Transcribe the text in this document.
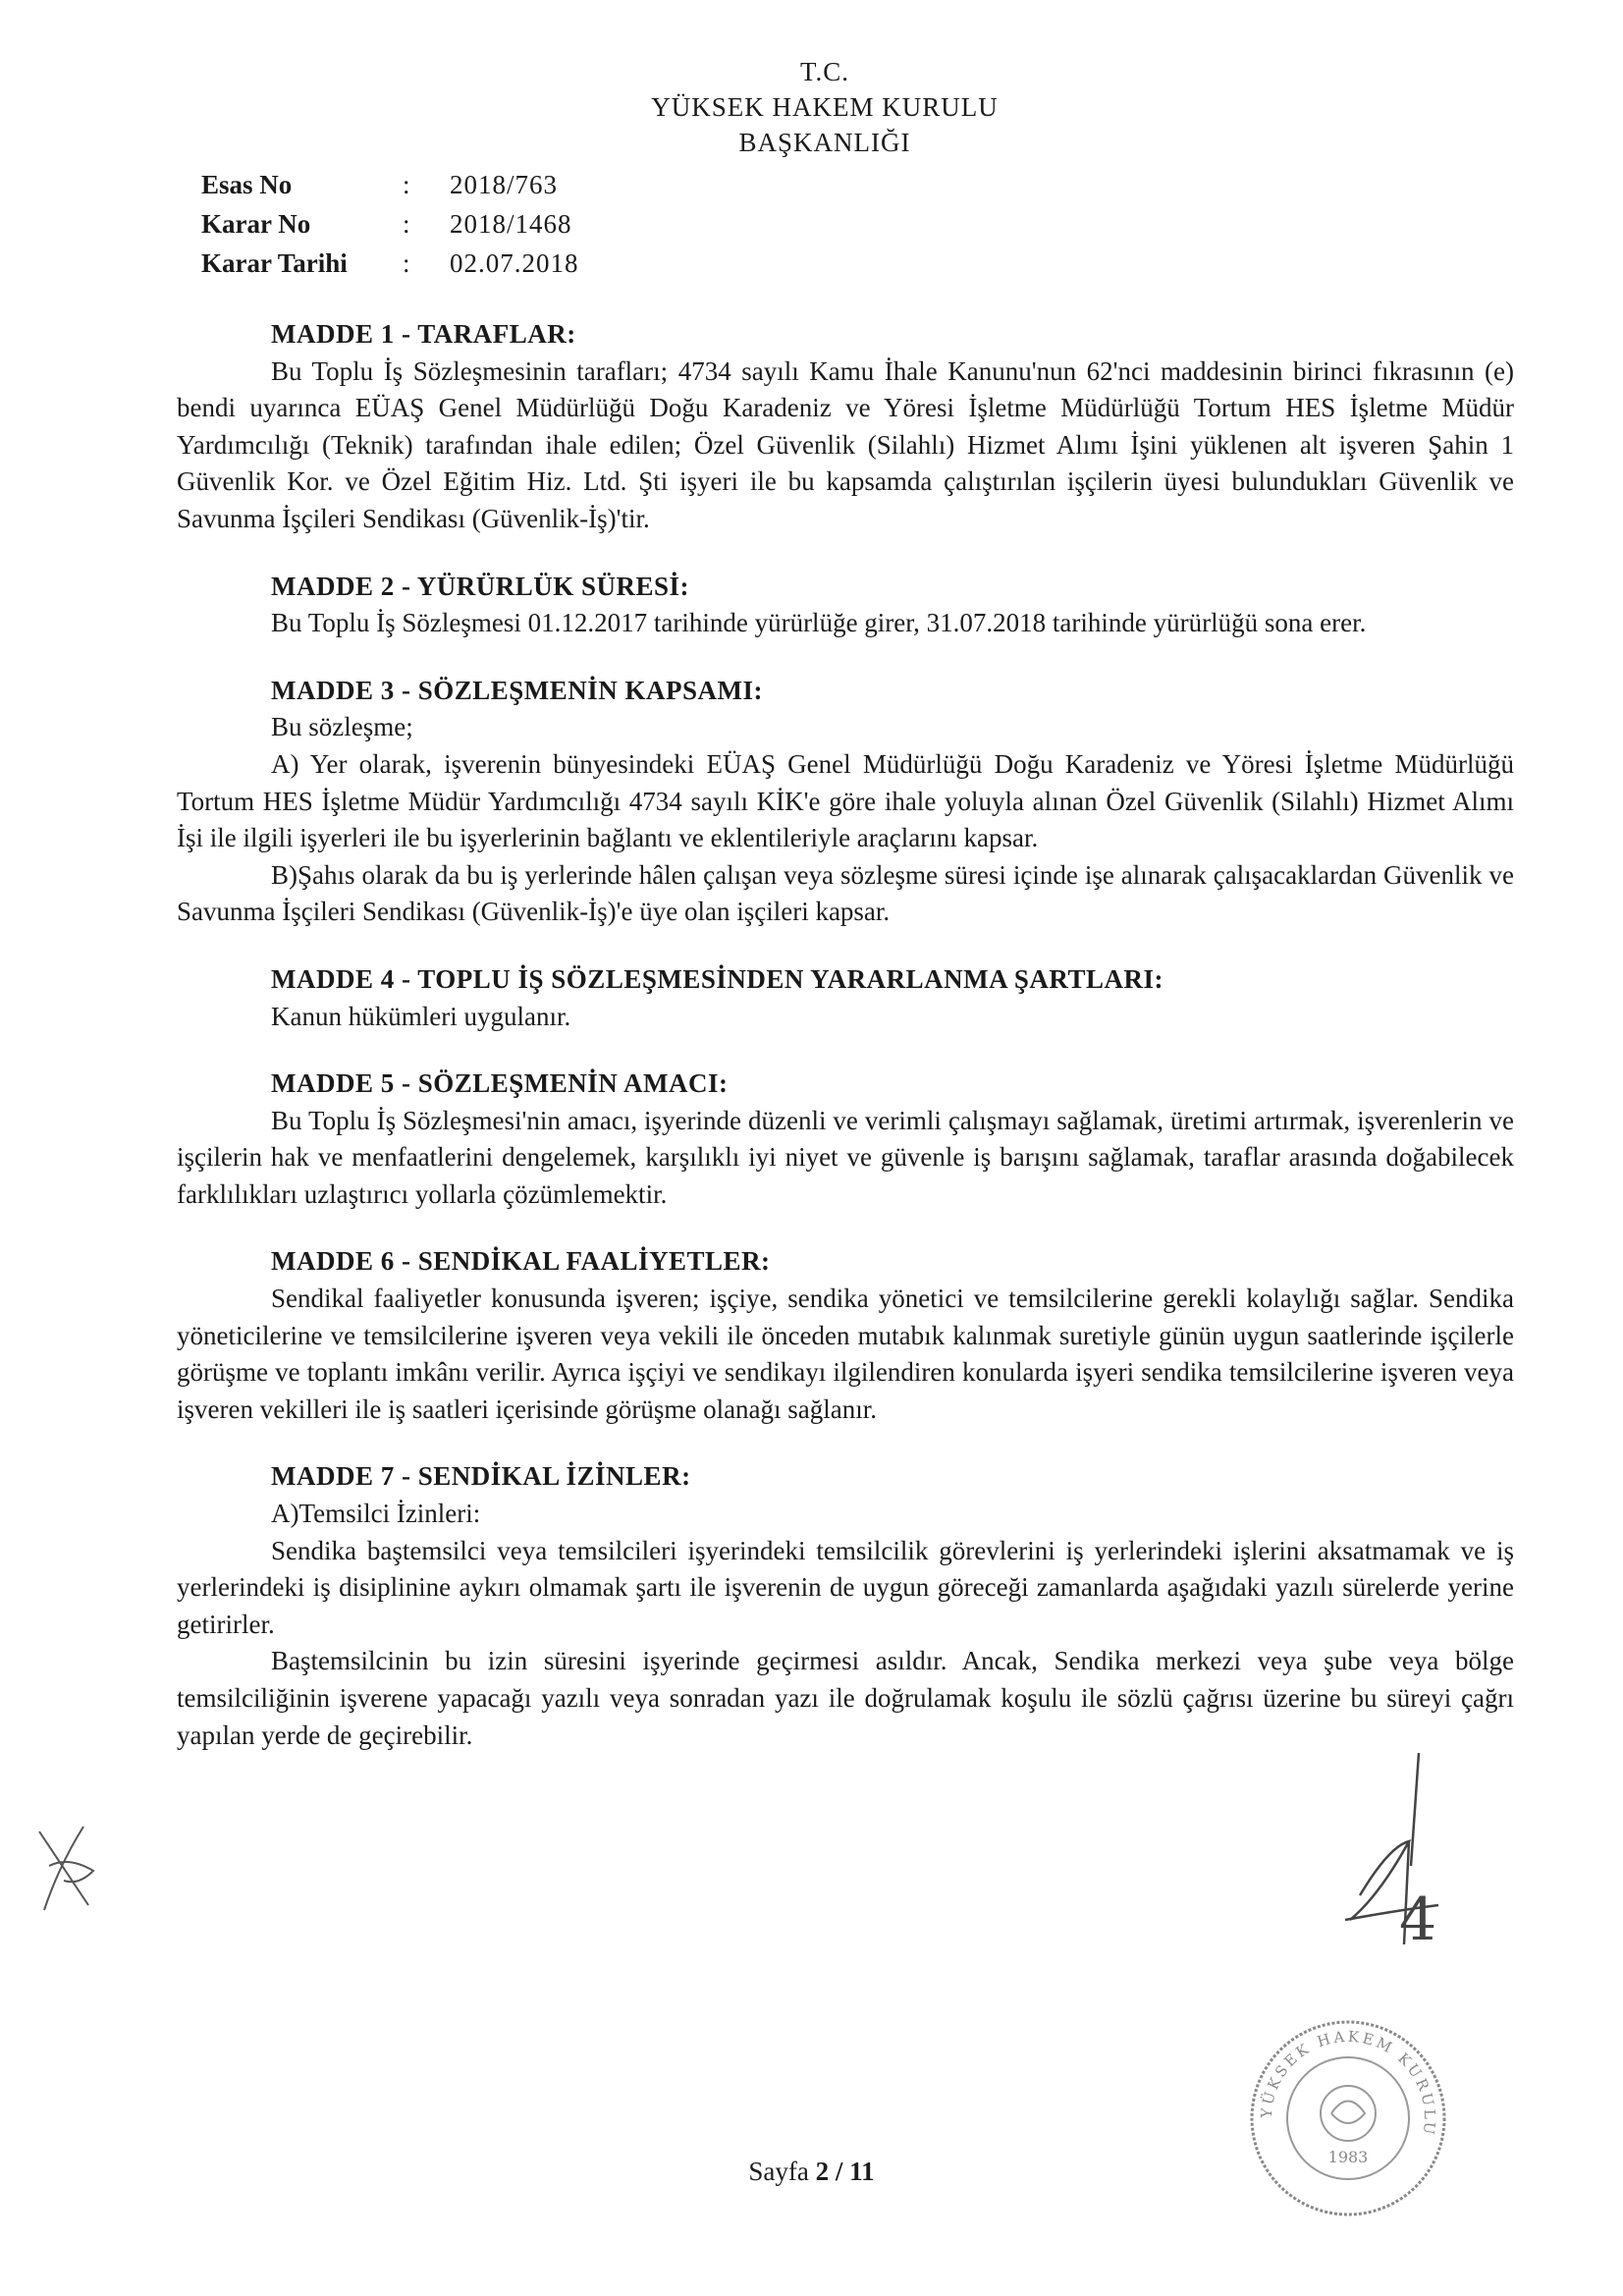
T.C.
YÜKSEK HAKEM KURULU
BAŞKANLIĞI
Esas No	:	2018/763
Karar No	:	2018/1468
Karar Tarihi	:	02.07.2018
MADDE 1 - TARAFLAR:

Bu Toplu İş Sözleşmesinin tarafları; 4734 sayılı Kamu İhale Kanunu'nun 62'nci maddesinin birinci fıkrasının (e) bendi uyarınca EÜAŞ Genel Müdürlüğü Doğu Karadeniz ve Yöresi İşletme Müdürlüğü Tortum HES İşletme Müdür Yardımcılığı (Teknik) tarafından ihale edilen; Özel Güvenlik (Silahlı) Hizmet Alımı İşini yüklenen alt işveren Şahin 1 Güvenlik Kor. ve Özel Eğitim Hiz. Ltd. Şti işyeri ile bu kapsamda çalıştırılan işçilerin üyesi bulundukları Güvenlik ve Savunma İşçileri Sendikası (Güvenlik-İş)'tir.

MADDE 2 - YÜRÜRLÜK SÜRESİ:

Bu Toplu İş Sözleşmesi 01.12.2017 tarihinde yürürlüğe girer, 31.07.2018 tarihinde yürürlüğü sona erer.

MADDE 3 - SÖZLEŞMENİN KAPSAMI:

Bu sözleşme;

A) Yer olarak, işverenin bünyesindeki EÜAŞ Genel Müdürlüğü Doğu Karadeniz ve Yöresi İşletme Müdürlüğü Tortum HES İşletme Müdür Yardımcılığı 4734 sayılı KİK'e göre ihale yoluyla alınan Özel Güvenlik (Silahlı) Hizmet Alımı İşi ile ilgili işyerleri ile bu işyerlerinin bağlantı ve eklentileriyle araçlarını kapsar.

B)Şahıs olarak da bu iş yerlerinde hâlen çalışan veya sözleşme süresi içinde işe alınarak çalışacaklardan Güvenlik ve Savunma İşçileri Sendikası (Güvenlik-İş)'e üye olan işçileri kapsar.

MADDE 4 - TOPLU İŞ SÖZLEŞMESİNDEN YARARLANMA ŞARTLARI:

Kanun hükümleri uygulanır.

MADDE 5 - SÖZLEŞMENİN AMACI:

Bu Toplu İş Sözleşmesi'nin amacı, işyerinde düzenli ve verimli çalışmayı sağlamak, üretimi artırmak, işverenlerin ve işçilerin hak ve menfaatlerini dengelemek, karşılıklı iyi niyet ve güvenle iş barışını sağlamak, taraflar arasında doğabilecek farklılıkları uzlaştırıcı yollarla çözümlemektir.

MADDE 6 - SENDİKAL FAALİYETLER:

Sendikal faaliyetler konusunda işveren; işçiye, sendika yönetici ve temsilcilerine gerekli kolaylığı sağlar. Sendika yöneticilerine ve temsilcilerine işveren veya vekili ile önceden mutabık kalınmak suretiyle günün uygun saatlerinde işçilerle görüşme ve toplantı imkânı verilir. Ayrıca işçiyi ve sendikayı ilgilendiren konularda işyeri sendika temsilcilerine işveren veya işveren vekilleri ile iş saatleri içerisinde görüşme olanağı sağlanır.

MADDE 7 - SENDİKAL İZİNLER:

A)Temsilci İzinleri:

Sendika baştemsilci veya temsilcileri işyerindeki temsilcilik görevlerini iş yerlerindeki işlerini aksatmamak ve iş yerlerindeki iş disiplinine aykırı olmamak şartı ile işverenin de uygun göreceği zamanlarda aşağıdaki yazılı sürelerde yerine getirirler.

Baştemsilcinin bu izin süresini işyerinde geçirmesi asıldır. Ancak, Sendika merkezi veya şube veya bölge temsilciliğinin işverene yapacağı yazılı veya sonradan yazı ile doğrulamak koşulu ile sözlü çağrısı üzerine bu süreyi çağrı yapılan yerde de geçirebilir.

Sayfa 2 / 11
4
YÜKSEK HAKEM KURULU
1983
